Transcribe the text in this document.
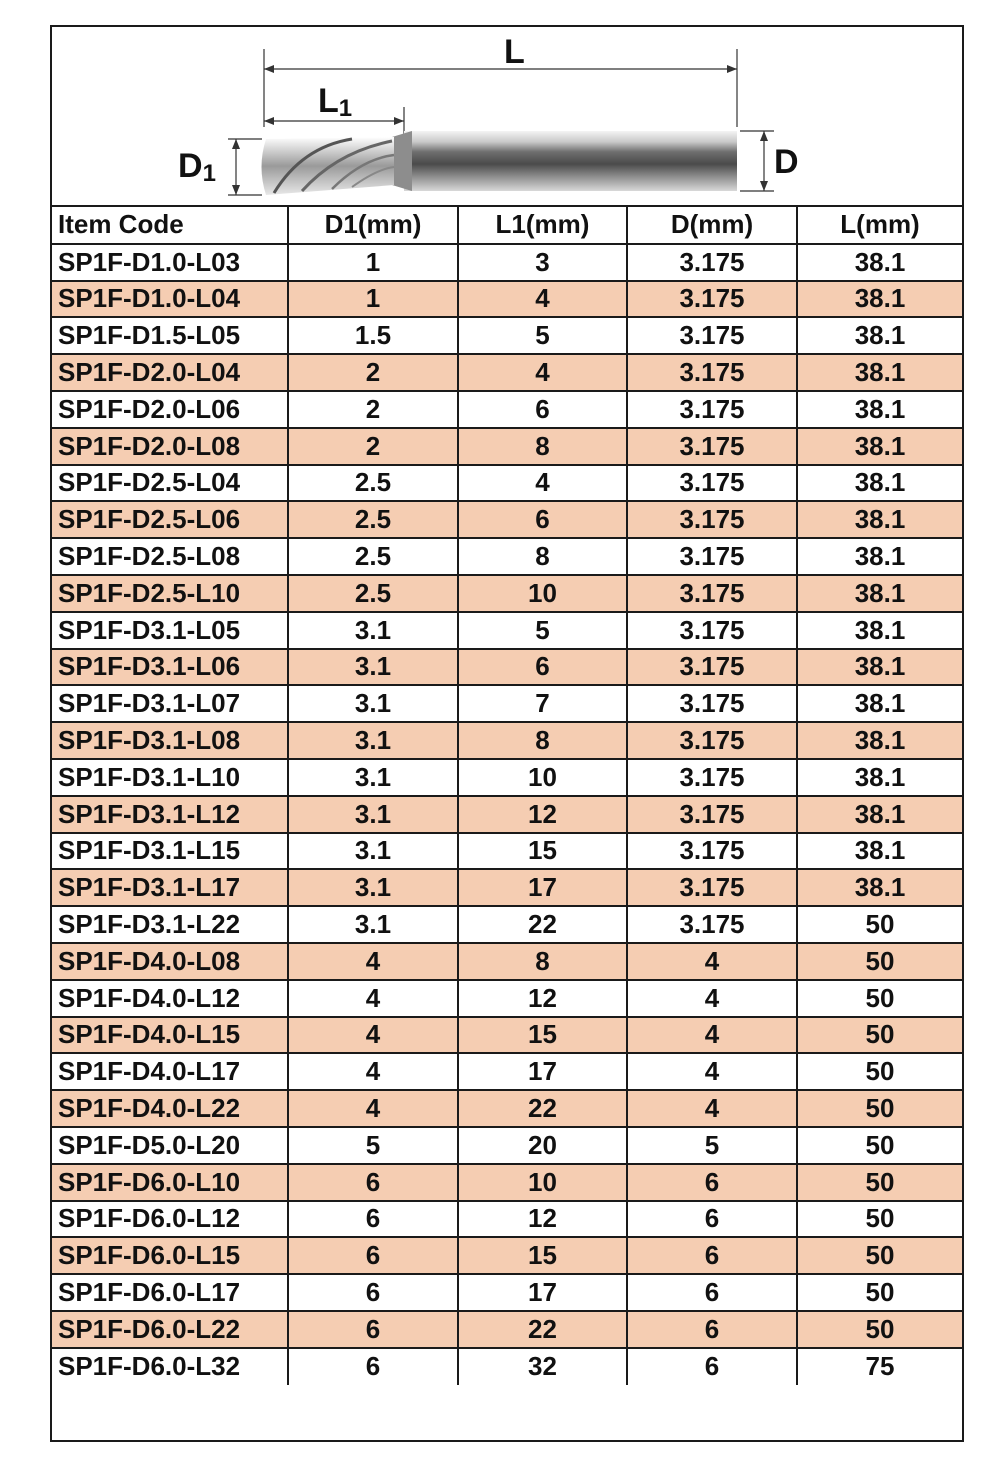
L
$L_1$
$D_1$	D
Item Code	D1(mm)	L1(mm)	D(mm)	L(mm)
SP1F-D1.0-L03	1	3	3.175	38.1
SP1F-D1.0-L04	1	4	3.175	38.1
SP1F-D1.5-L05	1.5	5	3.175	38.1
SP1F-D2.0-L04	2	4	3.175	38.1
SP1F-D2.0-L06	2	6	3.175	38.1
SP1F-D2.0-L08	2	8	3.175	38.1
SP1F-D2.5-L04	2.5	4	3.175	38.1
SP1F-D2.5-L06	2.5	6	3.175	38.1
SP1F-D2.5-L08	2.5	8	3.175	38.1
SP1F-D2.5-L10	2.5	10	3.175	38.1
SP1F-D3.1-L05	3.1	5	3.175	38.1
SP1F-D3.1-L06	3.1	6	3.175	38.1
SP1F-D3.1-L07	3.1	7	3.175	38.1
SP1F-D3.1-L08	3.1	8	3.175	38.1
SP1F-D3.1-L10	3.1	10	3.175	38.1
SP1F-D3.1-L12	3.1	12	3.175	38.1
SP1F-D3.1-L15	3.1	15	3.175	38.1
SP1F-D3.1-L17	3.1	17	3.175	38.1
SP1F-D3.1-L22	3.1	22	3.175	50
SP1F-D4.0-L08	4	8	4	50
SP1F-D4.0-L12	4	12	4	50
SP1F-D4.0-L15	4	15	4	50
SP1F-D4.0-L17	4	17	4	50
SP1F-D4.0-L22	4	22	4	50
SP1F-D5.0-L20	5	20	5	50
SP1F-D6.0-L10	6	10	6	50
SP1F-D6.0-L12	6	12	6	50
SP1F-D6.0-L15	6	15	6	50
SP1F-D6.0-L17	6	17	6	50
SP1F-D6.0-L22	6	22	6	50
SP1F-D6.0-L32	6	32	6	75
